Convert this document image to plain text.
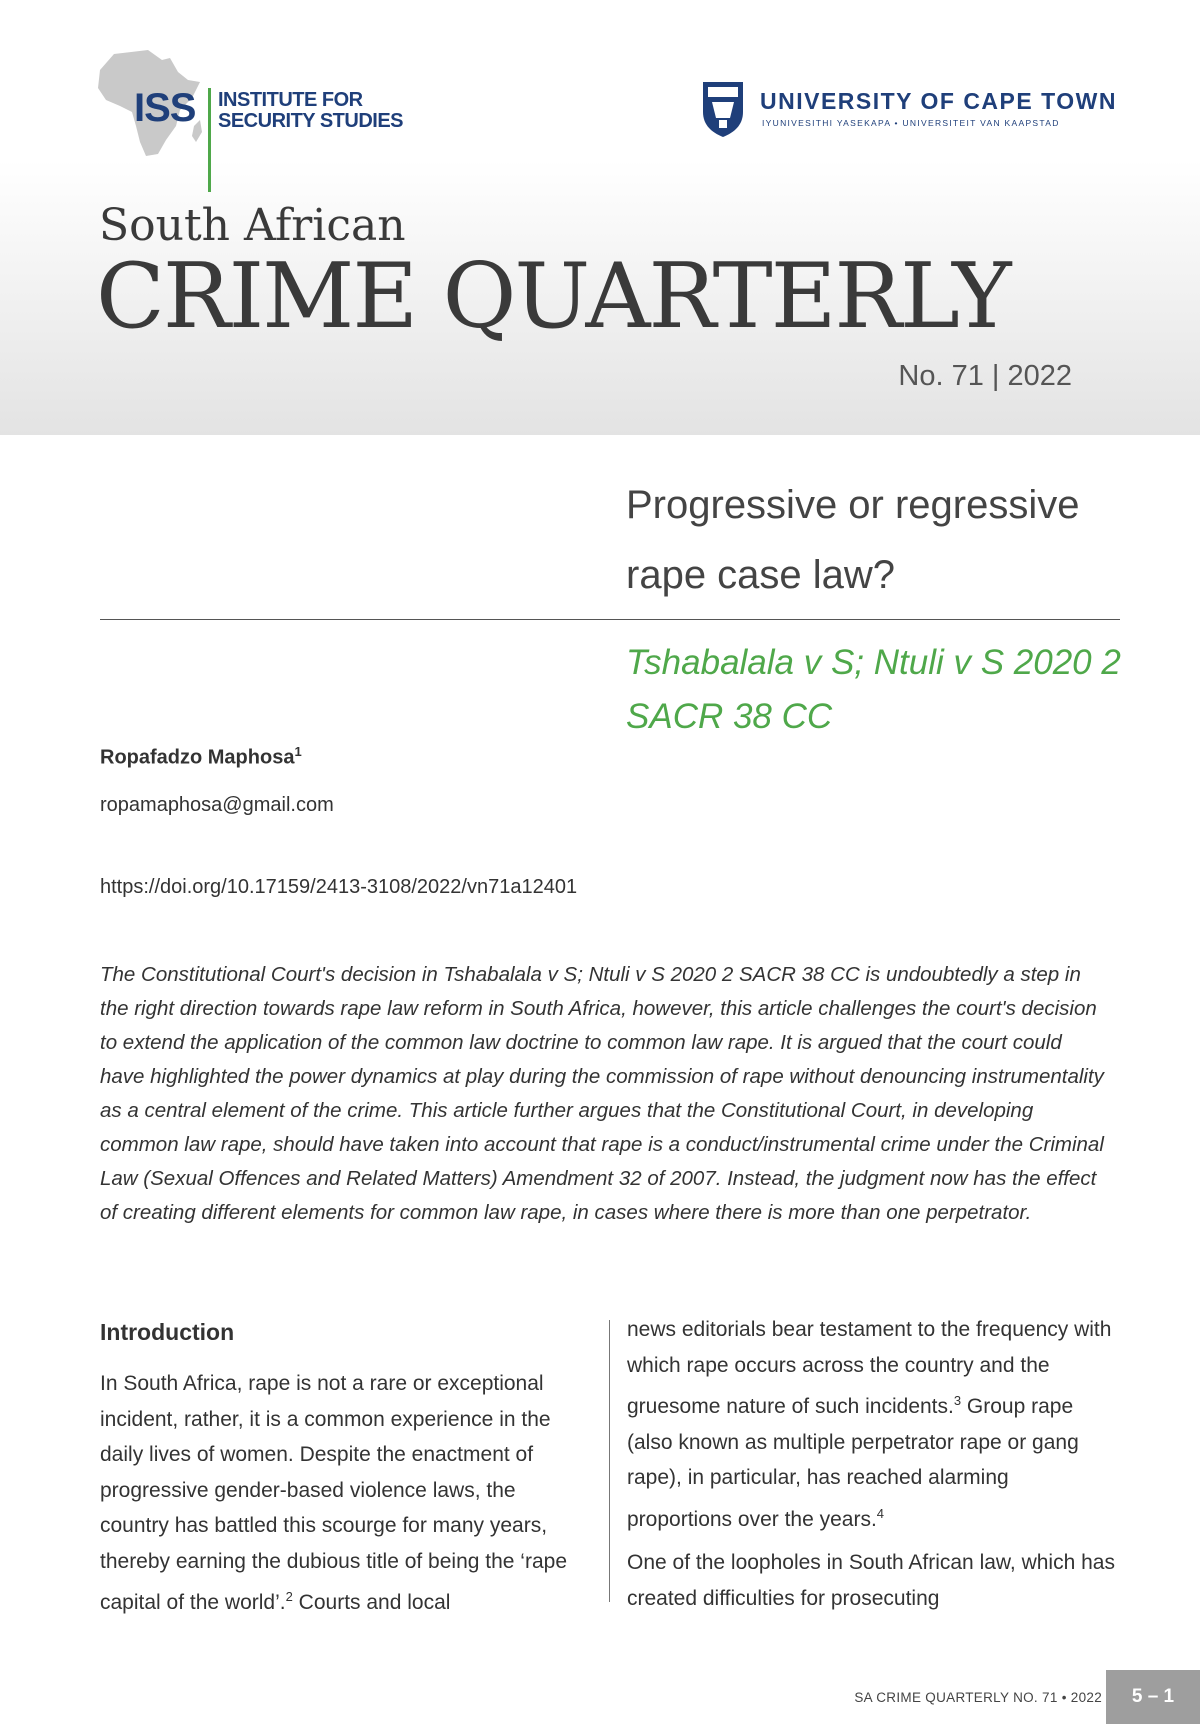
ISS INSTITUTE FOR
SECURITY STUDIES
UNIVERSITY OF CAPE TOWN
IYUNIVESITHI YASEKAPA • UNIVERSITEIT VAN KAAPSTAD
South African
CRIME QUARTERLY
No. 71 | 2022
Progressive or regressive rape case law?
Tshabalala v S; Ntuli v S 2020 2 SACR 38 CC
Ropafadzo Maphosa$^1$
ropamaphosa@gmail.com
https://doi.org/10.17159/2413-3108/2022/vn71a12401

The Constitutional Court's decision in Tshabalala v S; Ntuli v S 2020 2 SACR 38 CC is undoubtedly a step in the right direction towards rape law reform in South Africa, however, this article challenges the court's decision to extend the application of the common law doctrine to common law rape. It is argued that the court could have highlighted the power dynamics at play during the commission of rape without denouncing instrumentality as a central element of the crime. This article further argues that the Constitutional Court, in developing common law rape, should have taken into account that rape is a conduct/instrumental crime under the Criminal Law (Sexual Offences and Related Matters) Amendment 32 of 2007. Instead, the judgment now has the effect of creating different elements for common law rape, in cases where there is more than one perpetrator.

Introduction

In South Africa, rape is not a rare or exceptional incident, rather, it is a common experience in the daily lives of women. Despite the enactment of progressive gender-based violence laws, the country has battled this scourge for many years, thereby earning the dubious title of being the ‘rape capital of the world’.$^2$ Courts and local

news editorials bear testament to the frequency with which rape occurs across the country and the gruesome nature of such incidents.$^3$ Group rape (also known as multiple perpetrator rape or gang rape), in particular, has reached alarming proportions over the years.$^4$

One of the loopholes in South African law, which has created difficulties for prosecuting

SA CRIME QUARTERLY NO. 71 • 2022	5 – 1
